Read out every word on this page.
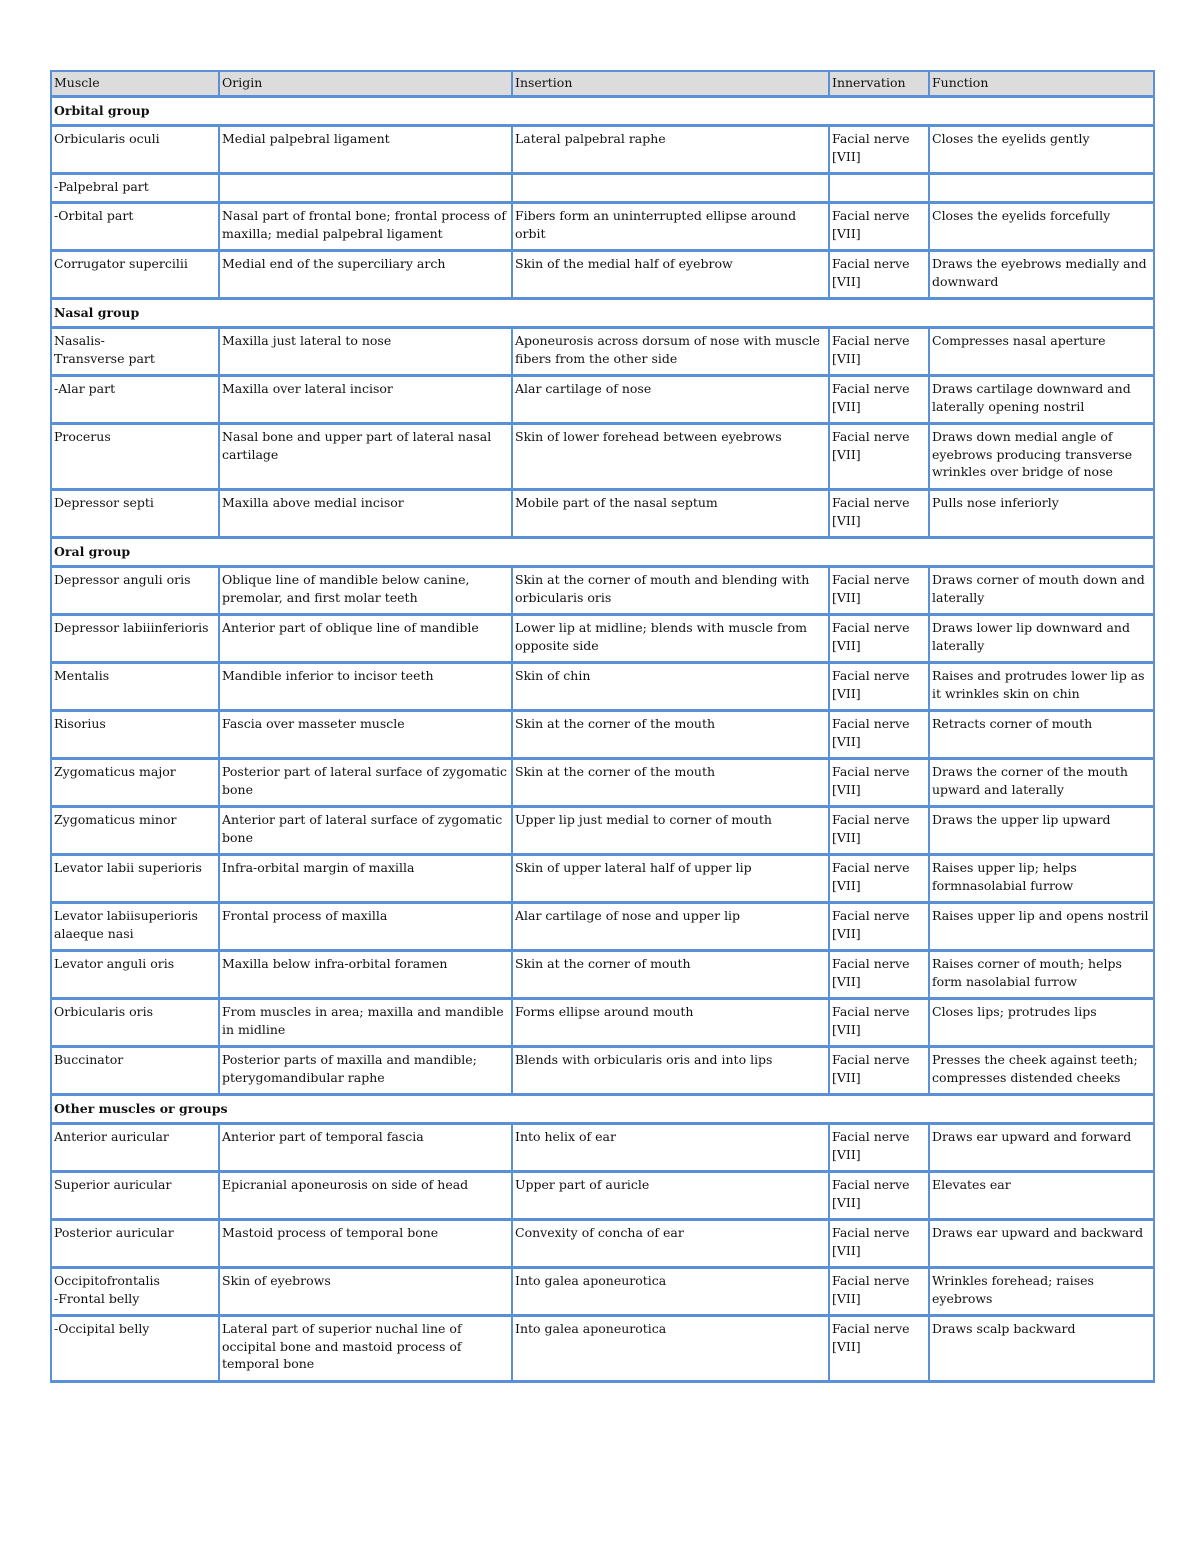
Muscle	Origin	Insertion	Innervation	Function
Orbital group				
Orbicularis oculi	Medial palpebral ligament	Lateral palpebral raphe	Facial nerve [VII]	Closes the eyelids gently
-Palpebral part				
-Orbital part	Nasal part of frontal bone; frontal process of maxilla; medial palpebral ligament	Fibers form an uninterrupted ellipse around orbit	Facial nerve [VII]	Closes the eyelids forcefully
Corrugator supercilii	Medial end of the superciliary arch	Skin of the medial half of eyebrow	Facial nerve [VII]	Draws the eyebrows medially and downward
Nasal group				
Nasalis-
Transverse part	Maxilla just lateral to nose	Aponeurosis across dorsum of nose with muscle fibers from the other side	Facial nerve [VII]	Compresses nasal aperture
-Alar part	Maxilla over lateral incisor	Alar cartilage of nose	Facial nerve [VII]	Draws cartilage downward and laterally opening nostril
Procerus	Nasal bone and upper part of lateral nasal cartilage	Skin of lower forehead between eyebrows	Facial nerve [VII]	Draws down medial angle of eyebrows producing transverse wrinkles over bridge of nose
Depressor septi	Maxilla above medial incisor	Mobile part of the nasal septum	Facial nerve [VII]	Pulls nose inferiorly
Oral group				
Depressor anguli oris	Oblique line of mandible below canine, premolar, and first molar teeth	Skin at the corner of mouth and blending with orbicularis oris	Facial nerve [VII]	Draws corner of mouth down and laterally
Depressor labiiinferioris	Anterior part of oblique line of mandible	Lower lip at midline; blends with muscle from opposite side	Facial nerve [VII]	Draws lower lip downward and laterally
Mentalis	Mandible inferior to incisor teeth	Skin of chin	Facial nerve [VII]	Raises and protrudes lower lip as it wrinkles skin on chin
Risorius	Fascia over masseter muscle	Skin at the corner of the mouth	Facial nerve [VII]	Retracts corner of mouth
Zygomaticus major	Posterior part of lateral surface of zygomatic bone	Skin at the corner of the mouth	Facial nerve [VII]	Draws the corner of the mouth upward and laterally
Zygomaticus minor	Anterior part of lateral surface of zygomatic bone	Upper lip just medial to corner of mouth	Facial nerve [VII]	Draws the upper lip upward
Levator labii superioris	Infra-orbital margin of maxilla	Skin of upper lateral half of upper lip	Facial nerve [VII]	Raises upper lip; helps formnasolabial furrow
Levator labiisuperioris alaeque nasi	Frontal process of maxilla	Alar cartilage of nose and upper lip	Facial nerve [VII]	Raises upper lip and opens nostril
Levator anguli oris	Maxilla below infra-orbital foramen	Skin at the corner of mouth	Facial nerve [VII]	Raises corner of mouth; helps form nasolabial furrow
Orbicularis oris	From muscles in area; maxilla and mandible in midline	Forms ellipse around mouth	Facial nerve [VII]	Closes lips; protrudes lips
Buccinator	Posterior parts of maxilla and mandible; pterygomandibular raphe	Blends with orbicularis oris and into lips	Facial nerve [VII]	Presses the cheek against teeth; compresses distended cheeks
Other muscles or groups				
Anterior auricular	Anterior part of temporal fascia	Into helix of ear	Facial nerve [VII]	Draws ear upward and forward
Superior auricular	Epicranial aponeurosis on side of head	Upper part of auricle	Facial nerve [VII]	Elevates ear
Posterior auricular	Mastoid process of temporal bone	Convexity of concha of ear	Facial nerve [VII]	Draws ear upward and backward
Occipitofrontalis
-Frontal belly	Skin of eyebrows	Into galea aponeurotica	Facial nerve [VII]	Wrinkles forehead; raises eyebrows
-Occipital belly	Lateral part of superior nuchal line of occipital bone and mastoid process of temporal bone	Into galea aponeurotica	Facial nerve [VII]	Draws scalp backward
